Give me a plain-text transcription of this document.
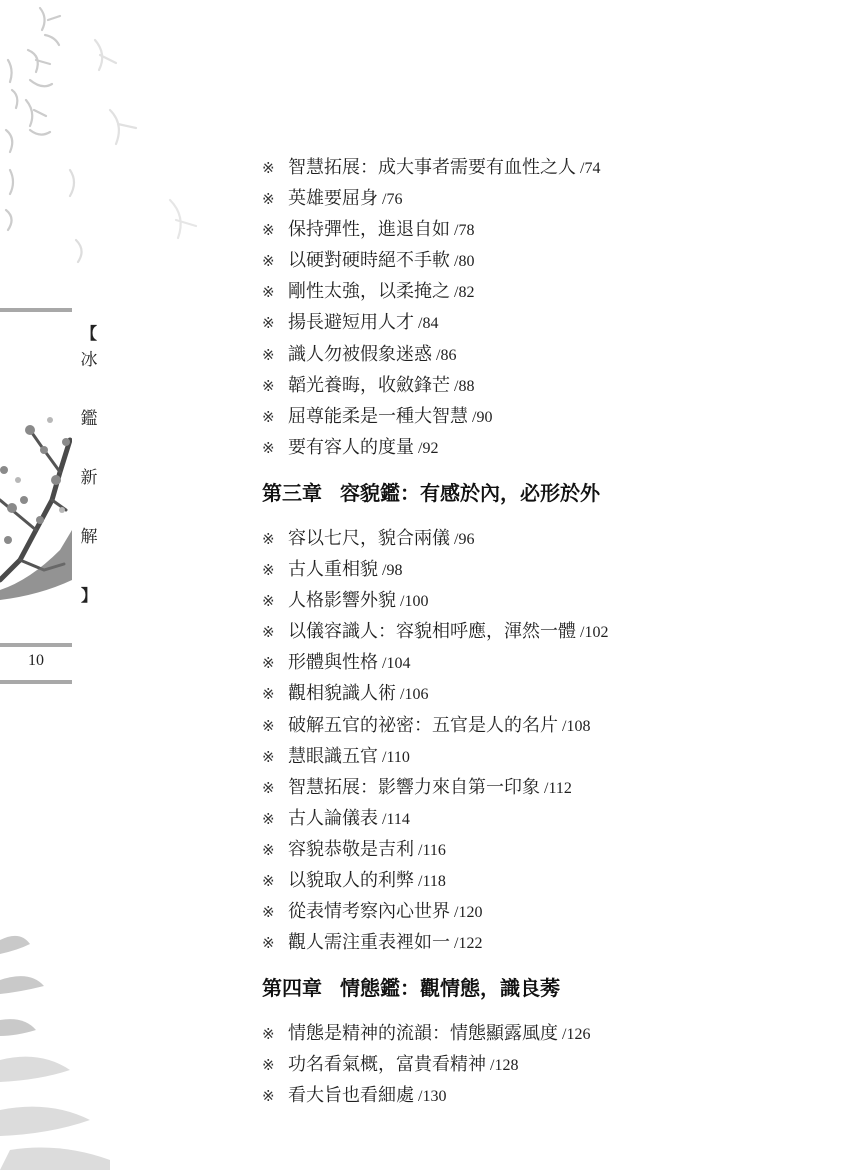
【
冰
鑑
新
解
】
10
※ 智慧拓展：成大事者需要有血性之人 /74
※ 英雄要屈身 /76
※ 保持彈性，進退自如 /78
※ 以硬對硬時絕不手軟 /80
※ 剛性太強，以柔掩之 /82
※ 揚長避短用人才 /84
※ 識人勿被假象迷惑 /86
※ 韜光養晦，收斂鋒芒 /88
※ 屈尊能柔是一種大智慧 /90
※ 要有容人的度量 /92
第三章 容貌鑑：有感於內，必形於外
※ 容以七尺，貌合兩儀 /96
※ 古人重相貌 /98
※ 人格影響外貌 /100
※ 以儀容識人：容貌相呼應，渾然一體 /102
※ 形體與性格 /104
※ 觀相貌識人術 /106
※ 破解五官的祕密：五官是人的名片 /108
※ 慧眼識五官 /110
※ 智慧拓展：影響力來自第一印象 /112
※ 古人論儀表 /114
※ 容貌恭敬是吉利 /116
※ 以貌取人的利弊 /118
※ 從表情考察內心世界 /120
※ 觀人需注重表裡如一 /122
第四章 情態鑑：觀情態，識良莠
※ 情態是精神的流韻：情態顯露風度 /126
※ 功名看氣概，富貴看精神 /128
※ 看大旨也看細處 /130
